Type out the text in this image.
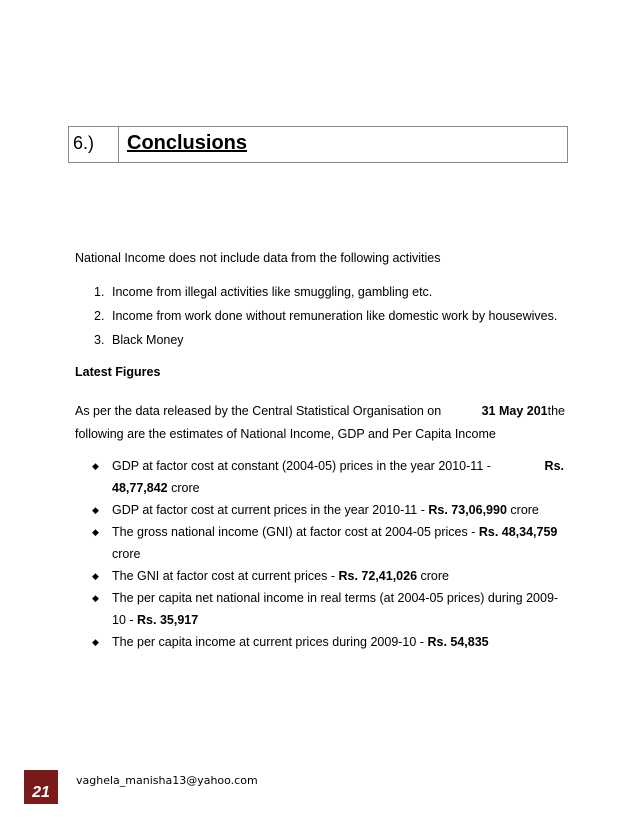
6.)	Conclusions
National Income does not include data from the following activities
1. Income from illegal activities like smuggling, gambling etc.
2. Income from work done without remuneration like domestic work by housewives.
3. Black Money
Latest Figures
As per the data released by the Central Statistical Organisation on	31 May 201the
following are the estimates of National Income, GDP and Per Capita Income
◆	GDP at factor cost at constant (2004-05) prices in the year 2010-11 -	Rs.
48,77,842 crore
◆	GDP at factor cost at current prices in the year 2010-11 - Rs. 73,06,990 crore
◆	The gross national income (GNI) at factor cost at 2004-05 prices - Rs. 48,34,759
crore
◆	The GNI at factor cost at current prices - Rs. 72,41,026 crore
◆	The per capita net national income in real terms (at 2004-05 prices) during 2009-
10 - Rs. 35,917
◆	The per capita income at current prices during 2009-10 - Rs. 54,835
21
vaghela_manisha13@yahoo.com
